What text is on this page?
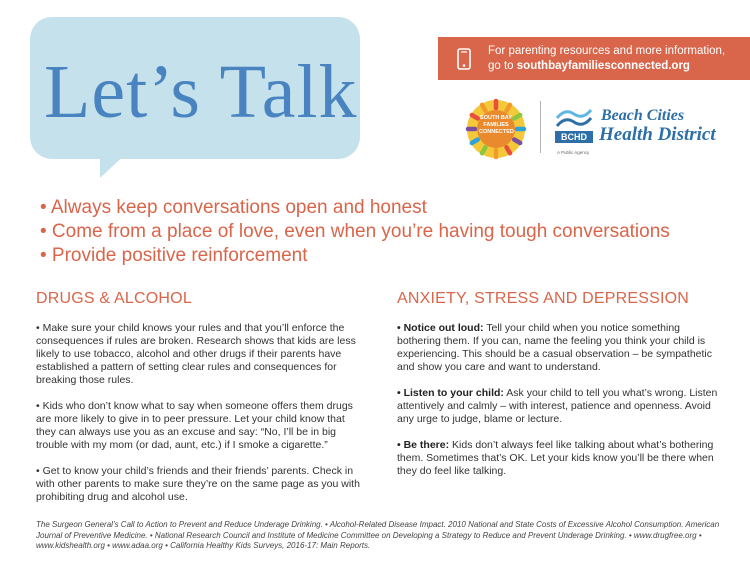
Let’s Talk	For parenting resources and more information,
go to southbayfamiliesconnected.org
SOUTH BAY
FAMILIES
CONNECTED	BCHD
A Public Agency
Beach Cities
Health District
• Always keep conversations open and honest
• Come from a place of love, even when you’re having tough conversations
• Provide positive reinforcement
DRUGS & ALCOHOL

• Make sure your child knows your rules and that you’ll enforce the consequences if rules are broken. Research shows that kids are less likely to use tobacco, alcohol and other drugs if their parents have established a pattern of setting clear rules and consequences for breaking those rules.

• Kids who don’t know what to say when someone offers them drugs are more likely to give in to peer pressure. Let your child know that they can always use you as an excuse and say: “No, I’ll be in big trouble with my mom (or dad, aunt, etc.) if I smoke a cigarette.”

• Get to know your child’s friends and their friends’ parents. Check in with other parents to make sure they’re on the same page as you with prohibiting drug and alcohol use.

ANXIETY, STRESS AND DEPRESSION

• Notice out loud: Tell your child when you notice something bothering them. If you can, name the feeling you think your child is experiencing. This should be a casual observation – be sympathetic and show you care and want to understand.

• Listen to your child: Ask your child to tell you what’s wrong. Listen attentively and calmly – with interest, patience and openness. Avoid any urge to judge, blame or lecture.

• Be there: Kids don’t always feel like talking about what’s bothering them. Sometimes that’s OK. Let your kids know you’ll be there when they do feel like talking.

The Surgeon General’s Call to Action to Prevent and Reduce Underage Drinking. • Alcohol-Related Disease Impact. 2010 National and State Costs of Excessive Alcohol Consumption. American Journal of Preventive Medicine. • National Research Council and Institute of Medicine Committee on Developing a Strategy to Reduce and Prevent Underage Drinking. • www.drugfree.org • www.kidshealth.org • www.adaa.org • California Healthy Kids Surveys, 2016-17: Main Reports.
